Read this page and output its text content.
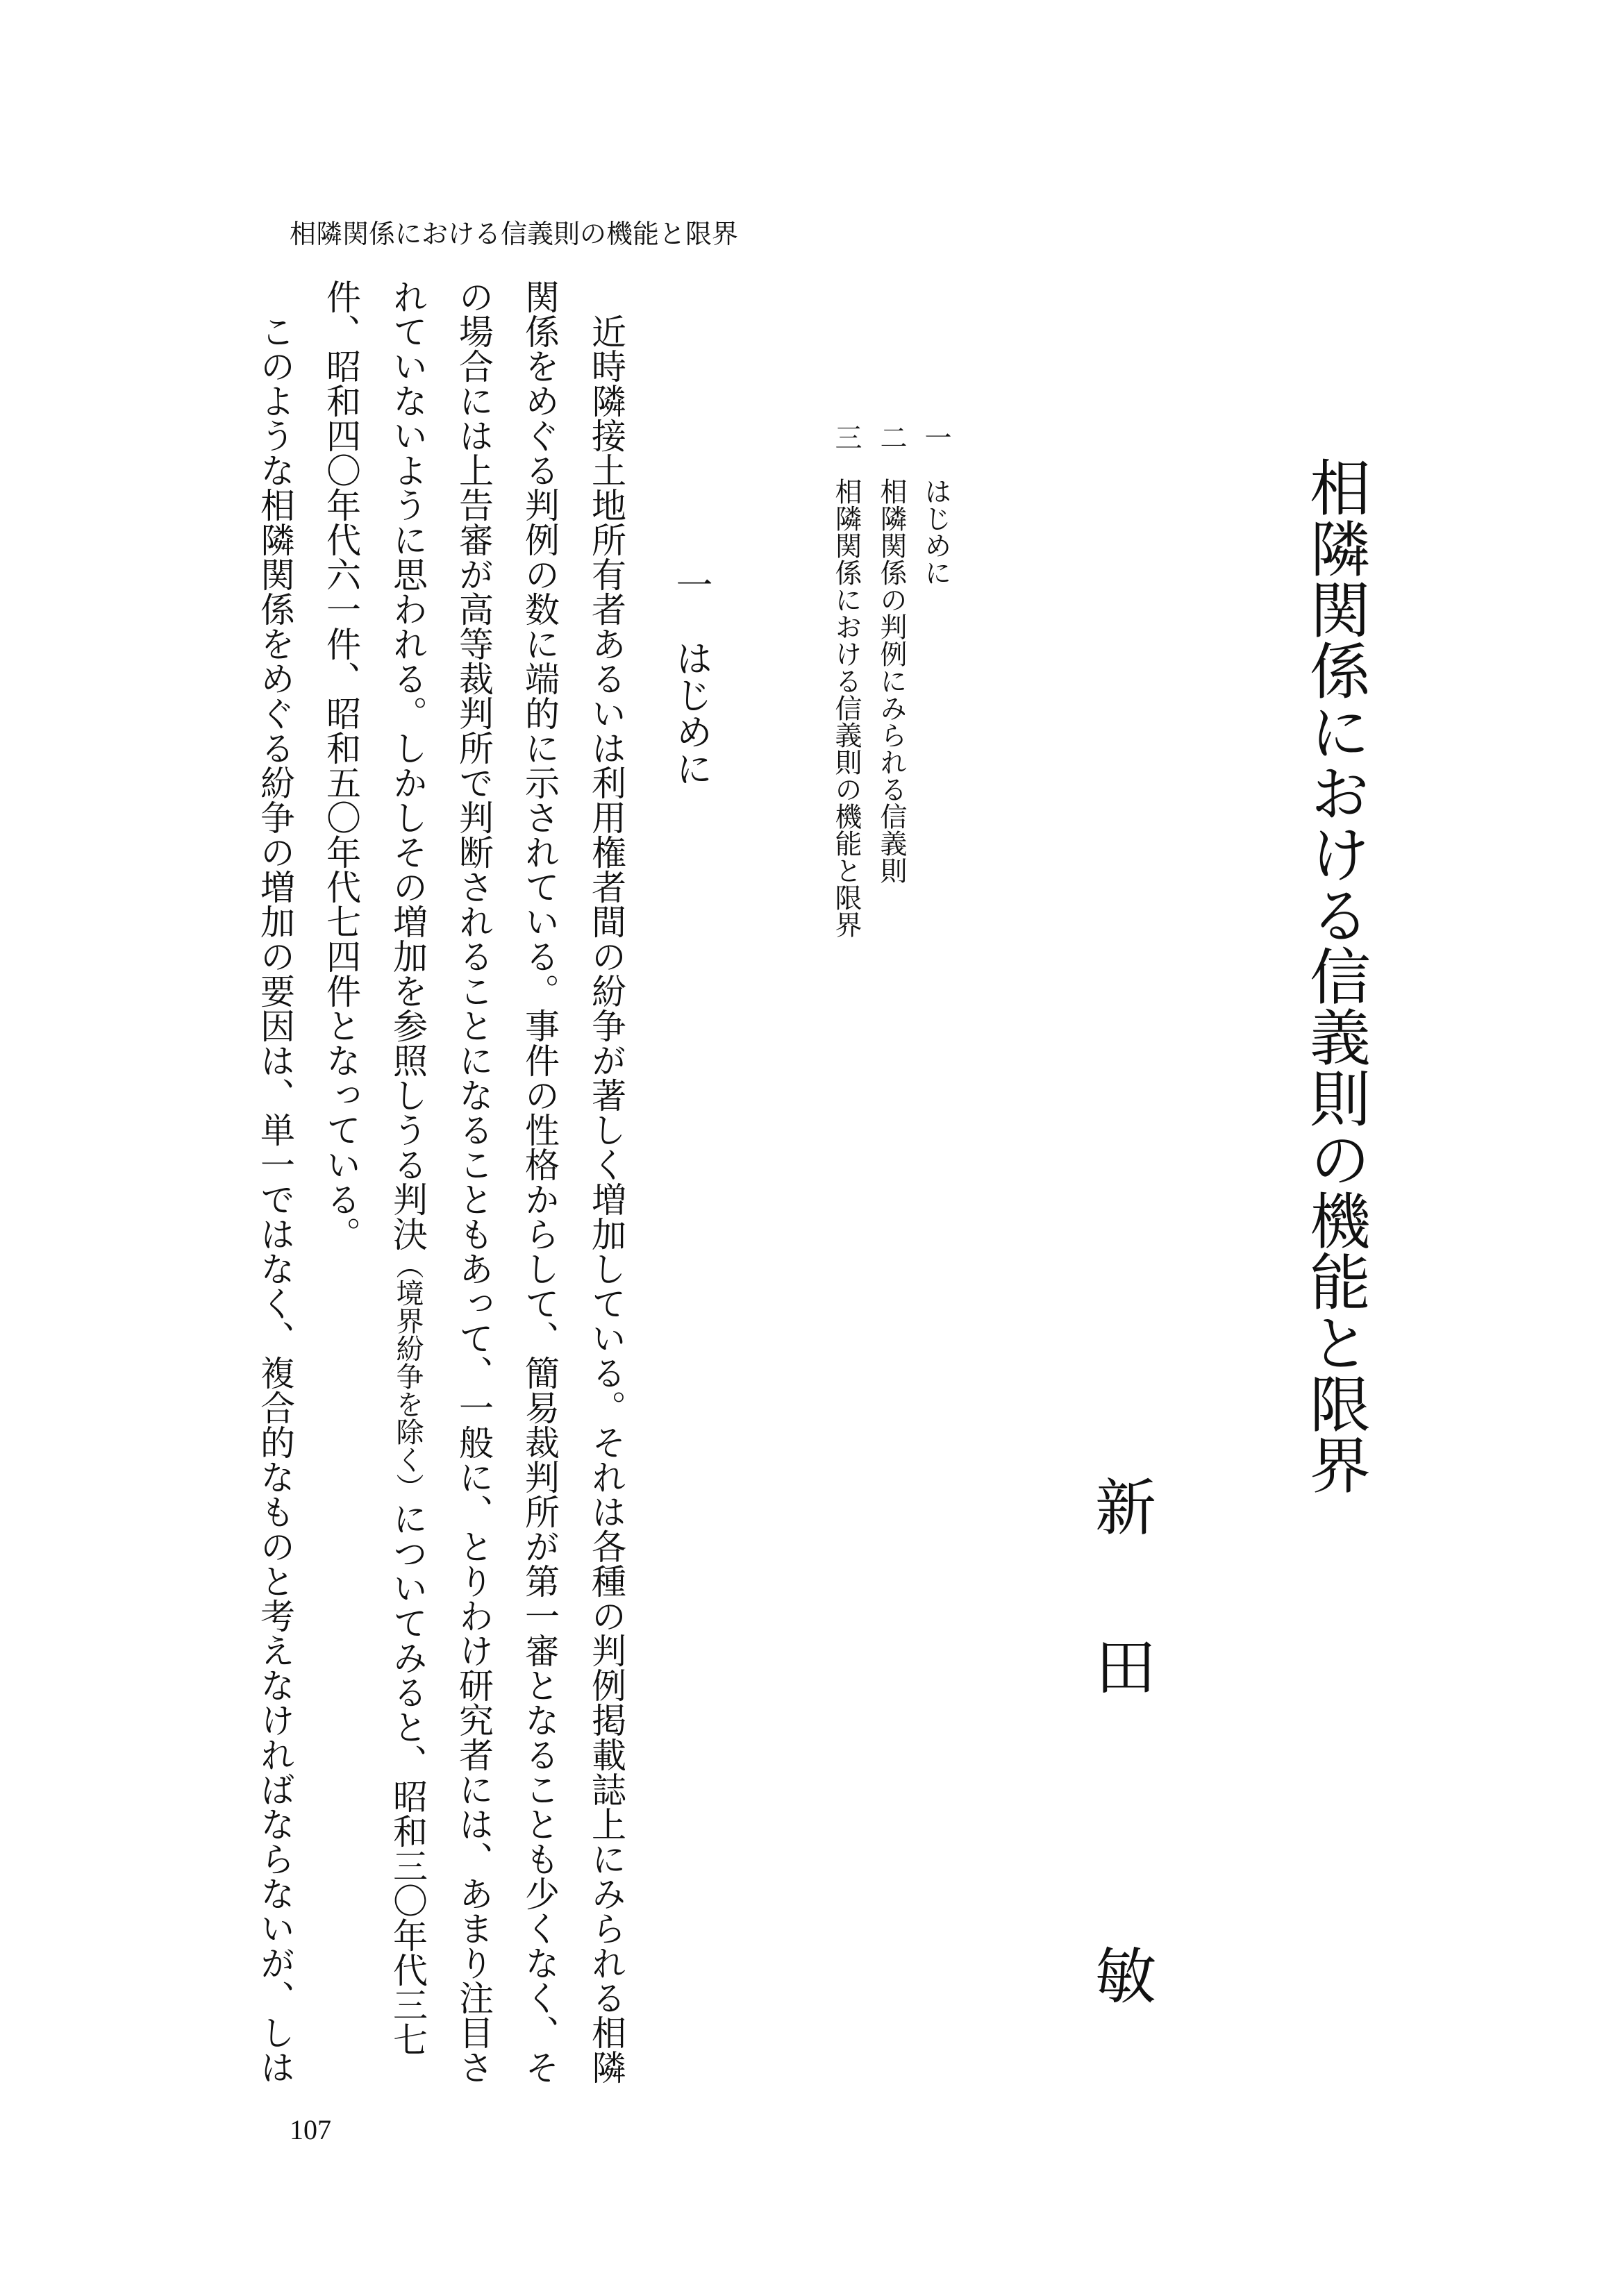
相隣関係における信義則の機能と限界
相隣関係における信義則の機能と限界
新田
敏
一はじめに
二相隣関係の判例にみられる信義則
三相隣関係における信義則の機能と限界
一はじめに
近時隣接土地所有者あるいは利用権者間の紛争が著しく増加している。それは各種の判例掲載誌上にみられる相隣
関係をめぐる判例の数に端的に示されている。事件の性格からして、簡易裁判所が第一審となることも少くなく、そ
の場合には上告審が高等裁判所で判断されることになることもあって、一般に、とりわけ研究者には、あまり注目さ
れていないように思われる。しかしその増加を参照しうる判決（境界紛争を除く）についてみると、昭和三〇年代三七
件、昭和四〇年代六一件、昭和五〇年代七四件となっている。
このような相隣関係をめぐる紛争の増加の要因は、単一ではなく、複合的なものと考えなければならないが、しは
107
